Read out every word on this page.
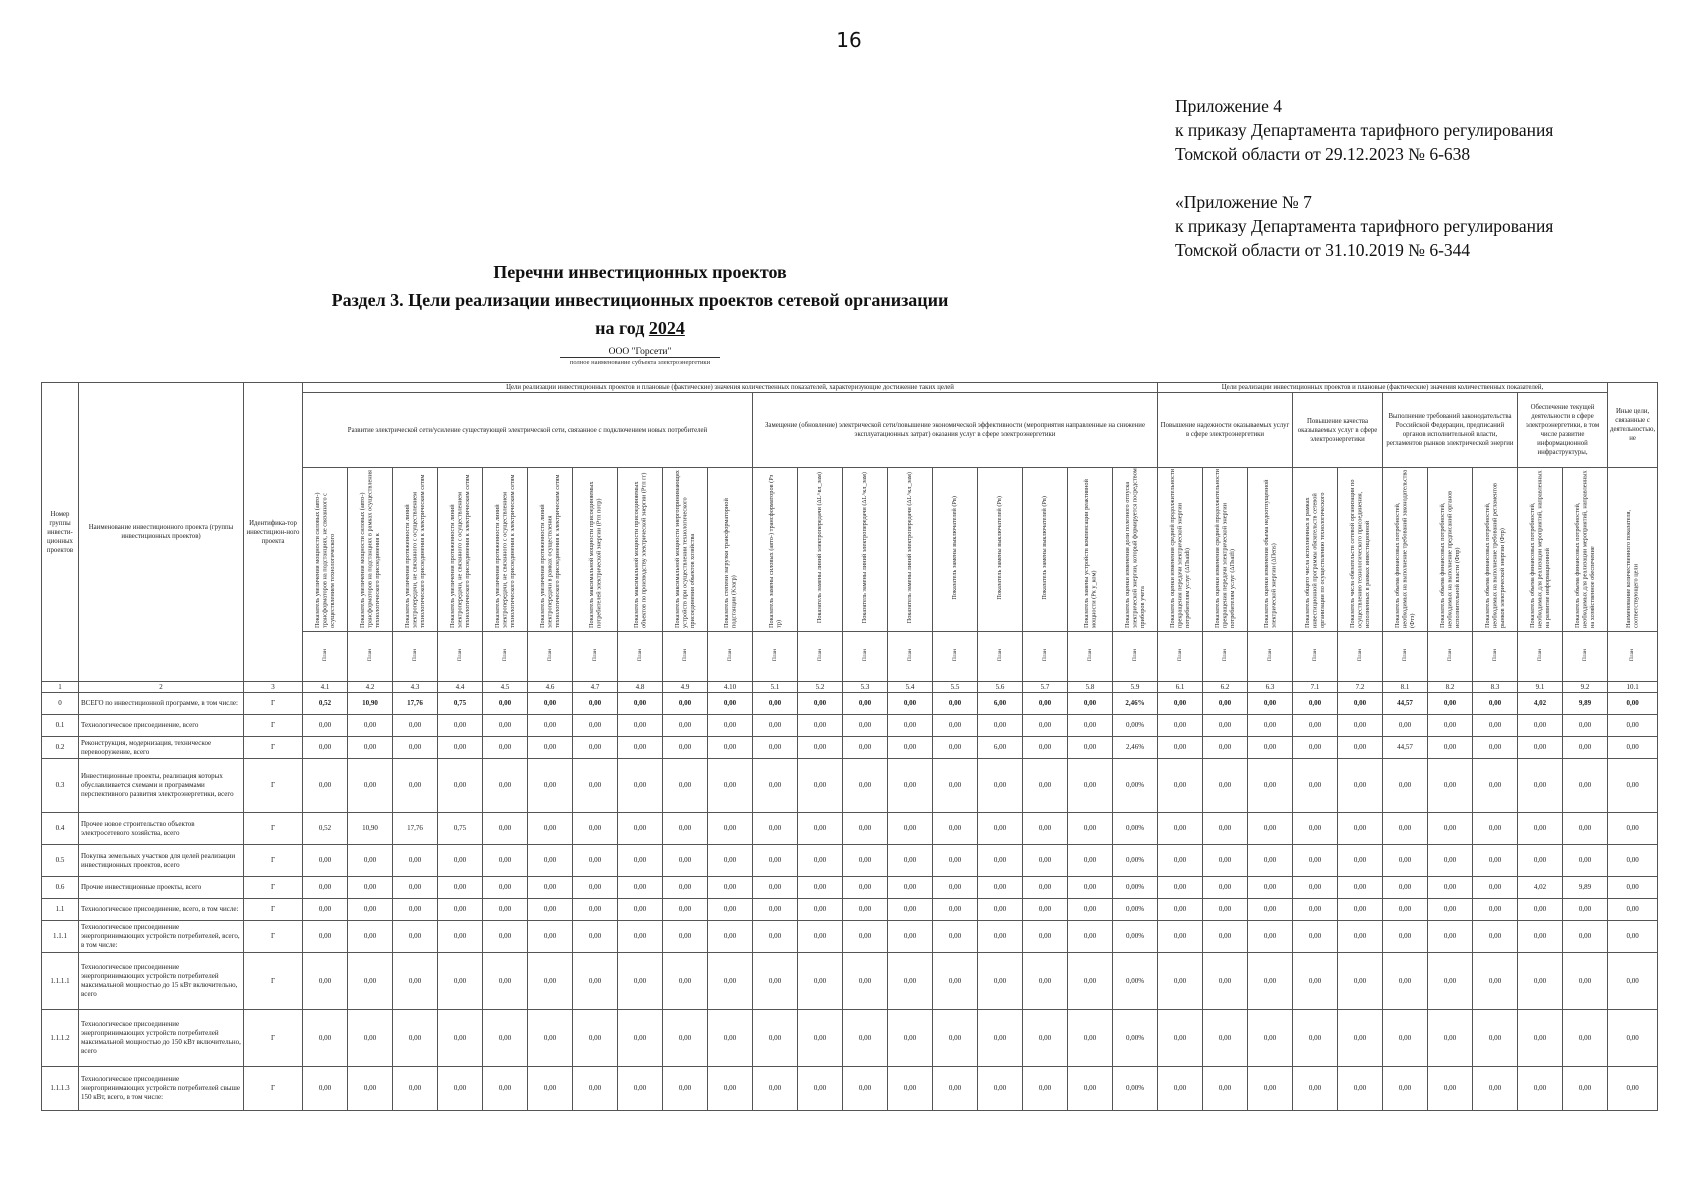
16
Приложение 4
к приказу Департамента тарифного регулирования
Томской области от 29.12.2023 № 6-638
«Приложение № 7
к приказу Департамента тарифного регулирования
Томской области от 31.10.2019 № 6-344
Перечни инвестиционных проектов
Раздел 3. Цели реализации инвестиционных проектов сетевой организации
на год 2024
ООО "Горсети"
полное наименование субъекта электроэнергетики
Номер группы инвести-ционных проектов	Наименование инвестиционного проекта (группы инвестиционных проектов)	Идентифика-тор инвестицион-ного проекта	Цели реализации инвестиционных проектов и плановые (фактические) значения количественных показателей, характеризующие достижение таких целей																			Цели реализации инвестиционных проектов и плановые (фактические) значения количественных показателей,										Иные цели, связанные с деятельностью, не
			Развитие электрической сети/усиление существующей электрической сети, связанное с подключением новых потребителей										Замещение (обновление) электрической сети/повышение экономической эффективности (мероприятия направленные на снижение эксплуатационных затрат) оказания услуг в сфере электроэнергетики									Повышение надежности оказываемых услуг в сфере электроэнергетики			Повышение качества оказываемых услуг в сфере электроэнергетики		Выполнение требований законодательства Российской Федерации, предписаний органов исполнительной власти, регламентов рынков электрической энергии			Обеспечение текущей деятельности в сфере электроэнергетики, в том числе развитие информационной инфраструктуры,		
			Показатель увеличения мощности силовых (авто-) трансформаторов на подстанциях, не связанного с осуществлением технологического	Показатель увеличения мощности силовых (авто-) трансформаторов на подстанциях в рамках осуществления технологического присоединения к	Показатель увеличения протяженности линий электропередачи, не связанного с осуществлением технологического присоединения к электрическим сетям	Показатель увеличения протяженности линий электропередачи, не связанного с осуществлением технологического присоединения к электрическим сетям	Показатель увеличения протяженности линий электропередачи, не связанного с осуществлением технологического присоединения к электрическим сетям	Показатель увеличения протяженности линий электропередачи в рамках осуществления технологического присоединения к электрическим сетям	Показатель максимальной мощности присоединяемых потребителей электрической энергии (Pтп потр)	Показатель максимальной мощности присоединяемых объектов по производству электрической энергии (Pтп гг)	Показатель максимальной мощности энергопринимающих устройств при осуществлении технологического присоединения объектов хозяйства	Показатель степени загрузки трансформаторной подстанции (Kзагр)	Показатель замены силовых (авто-) трансформаторов (Pз тр)	Показатель замены линий электропередачи (ΔL^вл_зам)	Показатель замены линий электропередачи (ΔL^кл_зам)	Показатель замены линий электропередачи (ΔL^кл_зам)	Показатель замены выключателей (Pв)	Показатель замены выключателей (Pв)	Показатель замены выключателей (Pв)	Показатель замены устройств компенсации реактивной мощности (Pк у_ком)	Показатель оценки изменения доли полезного отпуска электрической энергии, который формируется посредством приборов учета	Показатель оценки изменения средней продолжительности прекращения передачи электрической энергии потребителям услуг (ΔПsaidi)	Показатель оценки изменения средней продолжительности прекращения передачи электрической энергии потребителям услуг (ΔПsaifi)	Показатель оценки изменения объема недоотпущенной электрической энергии (ΔПens)	Показатель общего числа исполненных в рамках инвестиционной программы обязательств сетевой организации по осуществлению технологического	Показатель числа обязательств сетевой организации по осуществлению технологического присоединения, исполненных в рамках инвестиционной	Показатель объема финансовых потребностей, необходимых на выполнение требований законодательства (Фтз)	Показатель объема финансовых потребностей, необходимых на выполнение предписаний органов исполнительной власти (Фпр)	Показатель объема финансовых потребностей, необходимых на выполнение требований регламентов рынков электрической энергии (Фтр)	Показатель объема финансовых потребностей, необходимых для реализации мероприятий, направленных на развитие информационной	Показатель объема финансовых потребностей, необходимых для реализации мероприятий, направленных на хозяйственное обеспечение	Наименование количественного показателя, соответствующего цели
			План	План	План	План	План	План	План	План	План	План	План	План	План	План	План	План	План	План	План	План	План	План	План	План	План	План	План	План	План	План
1	2	3	4.1	4.2	4.3	4.4	4.5	4.6	4.7	4.8	4.9	4.10	5.1	5.2	5.3	5.4	5.5	5.6	5.7	5.8	5.9	6.1	6.2	6.3	7.1	7.2	8.1	8.2	8.3	9.1	9.2	10.1
0	ВСЕГО по инвестиционной программе, в том числе:	Г	0,52	10,90	17,76	0,75	0,00	0,00	0,00	0,00	0,00	0,00	0,00	0,00	0,00	0,00	0,00	6,00	0,00	0,00	2,46%	0,00	0,00	0,00	0,00	0,00	44,57	0,00	0,00	4,02	9,89	0,00
0.1	Технологическое присоединение, всего	Г	0,00	0,00	0,00	0,00	0,00	0,00	0,00	0,00	0,00	0,00	0,00	0,00	0,00	0,00	0,00	0,00	0,00	0,00	0,00%	0,00	0,00	0,00	0,00	0,00	0,00	0,00	0,00	0,00	0,00	0,00
0.2	Реконструкция, модернизация, техническое перевооружение, всего	Г	0,00	0,00	0,00	0,00	0,00	0,00	0,00	0,00	0,00	0,00	0,00	0,00	0,00	0,00	0,00	6,00	0,00	0,00	2,46%	0,00	0,00	0,00	0,00	0,00	44,57	0,00	0,00	0,00	0,00	0,00
0.3	Инвестиционные проекты, реализация которых обуславливается схемами и программами перспективного развития электроэнергетики, всего	Г	0,00	0,00	0,00	0,00	0,00	0,00	0,00	0,00	0,00	0,00	0,00	0,00	0,00	0,00	0,00	0,00	0,00	0,00	0,00%	0,00	0,00	0,00	0,00	0,00	0,00	0,00	0,00	0,00	0,00	0,00
0.4	Прочее новое строительство объектов электросетевого хозяйства, всего	Г	0,52	10,90	17,76	0,75	0,00	0,00	0,00	0,00	0,00	0,00	0,00	0,00	0,00	0,00	0,00	0,00	0,00	0,00	0,00%	0,00	0,00	0,00	0,00	0,00	0,00	0,00	0,00	0,00	0,00	0,00
0.5	Покупка земельных участков для целей реализации инвестиционных проектов, всего	Г	0,00	0,00	0,00	0,00	0,00	0,00	0,00	0,00	0,00	0,00	0,00	0,00	0,00	0,00	0,00	0,00	0,00	0,00	0,00%	0,00	0,00	0,00	0,00	0,00	0,00	0,00	0,00	0,00	0,00	0,00
0.6	Прочие инвестиционные проекты, всего	Г	0,00	0,00	0,00	0,00	0,00	0,00	0,00	0,00	0,00	0,00	0,00	0,00	0,00	0,00	0,00	0,00	0,00	0,00	0,00%	0,00	0,00	0,00	0,00	0,00	0,00	0,00	0,00	4,02	9,89	0,00
1.1	Технологическое присоединение, всего, в том числе:	Г	0,00	0,00	0,00	0,00	0,00	0,00	0,00	0,00	0,00	0,00	0,00	0,00	0,00	0,00	0,00	0,00	0,00	0,00	0,00%	0,00	0,00	0,00	0,00	0,00	0,00	0,00	0,00	0,00	0,00	0,00
1.1.1	Технологическое присоединение энергопринимающих устройств потребителей, всего, в том числе:	Г	0,00	0,00	0,00	0,00	0,00	0,00	0,00	0,00	0,00	0,00	0,00	0,00	0,00	0,00	0,00	0,00	0,00	0,00	0,00%	0,00	0,00	0,00	0,00	0,00	0,00	0,00	0,00	0,00	0,00	0,00
1.1.1.1	Технологическое присоединение энергопринимающих устройств потребителей максимальной мощностью до 15 кВт включительно, всего	Г	0,00	0,00	0,00	0,00	0,00	0,00	0,00	0,00	0,00	0,00	0,00	0,00	0,00	0,00	0,00	0,00	0,00	0,00	0,00%	0,00	0,00	0,00	0,00	0,00	0,00	0,00	0,00	0,00	0,00	0,00
1.1.1.2	Технологическое присоединение энергопринимающих устройств потребителей максимальной мощностью до 150 кВт включительно, всего	Г	0,00	0,00	0,00	0,00	0,00	0,00	0,00	0,00	0,00	0,00	0,00	0,00	0,00	0,00	0,00	0,00	0,00	0,00	0,00%	0,00	0,00	0,00	0,00	0,00	0,00	0,00	0,00	0,00	0,00	0,00
1.1.1.3	Технологическое присоединение энергопринимающих устройств потребителей свыше 150 кВт, всего, в том числе:	Г	0,00	0,00	0,00	0,00	0,00	0,00	0,00	0,00	0,00	0,00	0,00	0,00	0,00	0,00	0,00	0,00	0,00	0,00	0,00%	0,00	0,00	0,00	0,00	0,00	0,00	0,00	0,00	0,00	0,00	0,00
